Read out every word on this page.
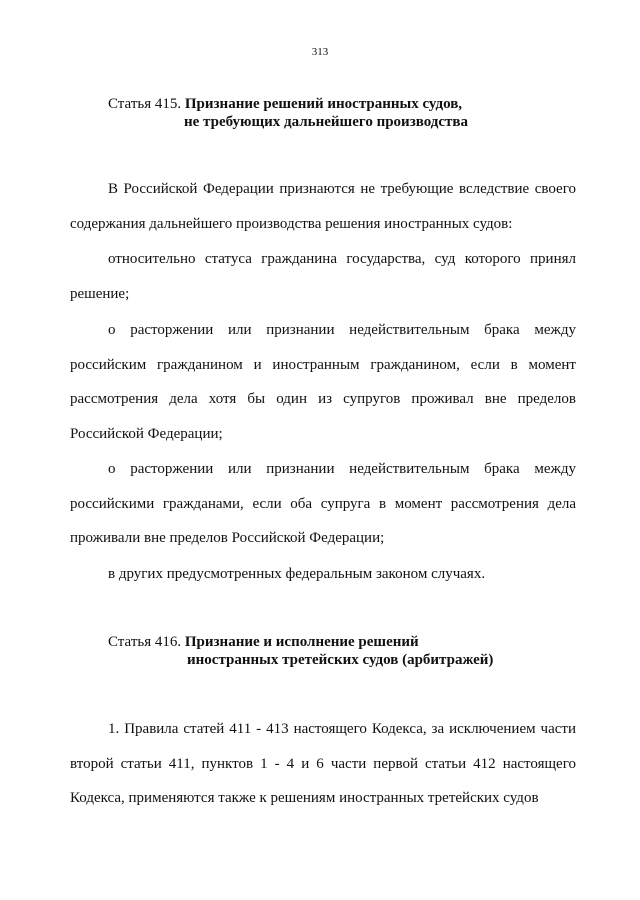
313
Статья 415. Признание решений иностранных судов,
не требующих дальнейшего производства

В Российской Федерации признаются не требующие вследствие своего содержания дальнейшего производства решения иностранных судов:

относительно статуса гражданина государства, суд которого принял решение;

о расторжении или признании недействительным брака между российским гражданином и иностранным гражданином, если в момент рассмотрения дела хотя бы один из супругов проживал вне пределов Российской Федерации;

о расторжении или признании недействительным брака между российскими гражданами, если оба супруга в момент рассмотрения дела проживали вне пределов Российской Федерации;

в других предусмотренных федеральным законом случаях.

Статья 416. Признание и исполнение решений
иностранных третейских судов (арбитражей)

1. Правила статей 411 - 413 настоящего Кодекса, за исключением части второй статьи 411, пунктов 1 - 4 и 6 части первой статьи 412 настоящего Кодекса, применяются также к решениям иностранных третейских судов
